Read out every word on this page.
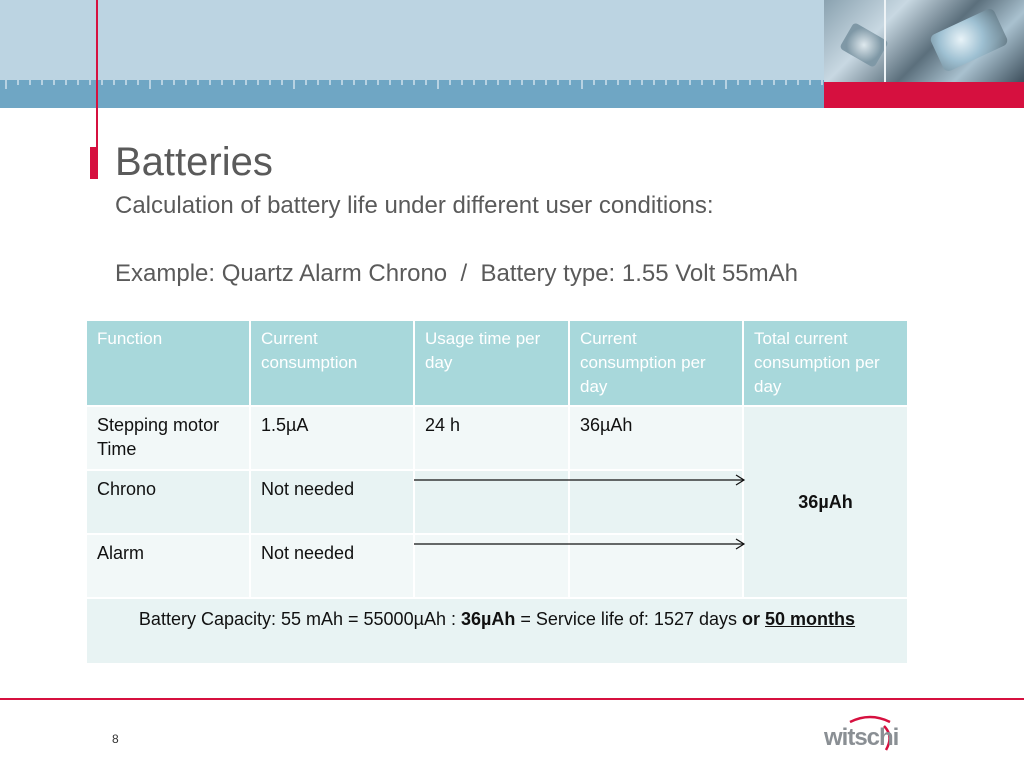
Batteries
Calculation of battery life under different user conditions:
Example: Quartz Alarm Chrono  /  Battery type: 1.55 Volt 55mAh
Function	Current consumption	Usage time per day	Current consumption per day	Total current consumption per day
Stepping motor Time	1.5µA	24 h	36µAh	36µAh
Chrono	Not needed			
Alarm	Not needed			
Battery Capacity: 55 mAh = 55000µAh : 36µAh = Service life of: 1527 days or 50 months				
8	witschi
